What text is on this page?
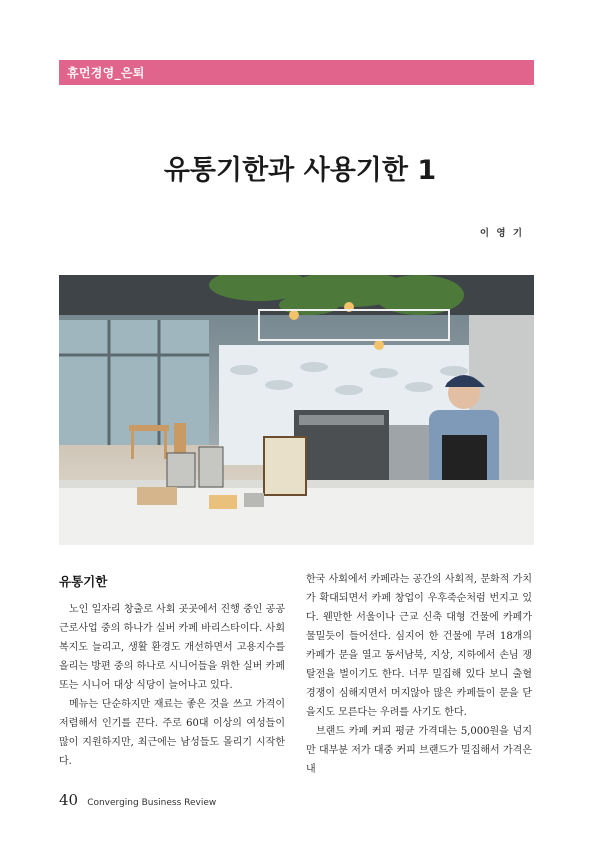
휴먼경영_은퇴
유통기한과 사용기한 1
이 영 기
유통기한

노인 일자리 창출로 사회 곳곳에서 진행 중인 공공근로사업 중의 하나가 실버 카페 바리스타이다. 사회 복지도 늘리고, 생활 환경도 개선하면서 고용지수를 올리는 방편 중의 하나로 시니어들을 위한 실버 카페 또는 시니어 대상 식당이 늘어나고 있다.

메뉴는 단순하지만 재료는 좋은 것을 쓰고 가격이 저렴해서 인기를 끈다. 주로 60대 이상의 여성들이 많이 지원하지만, 최근에는 남성들도 몰리기 시작한다.

한국 사회에서 카페라는 공간의 사회적, 문화적 가치가 확대되면서 카페 창업이 우후죽순처럼 번지고 있다. 웬만한 서울이나 근교 신축 대형 건물에 카페가 물밀듯이 들어선다. 심지어 한 건물에 무려 18개의 카페가 문을 열고 동서남북, 지상, 지하에서 손님 쟁탈전을 벌이기도 한다. 너무 밀집해 있다 보니 출혈 경쟁이 심해지면서 머지않아 많은 카페들이 문을 닫을지도 모른다는 우려를 사기도 한다.

브랜드 카페 커피 평균 가격대는 5,000원을 넘지만 대부분 저가 대중 커피 브랜드가 밀집해서 가격은 내

40 Converging Business Review
